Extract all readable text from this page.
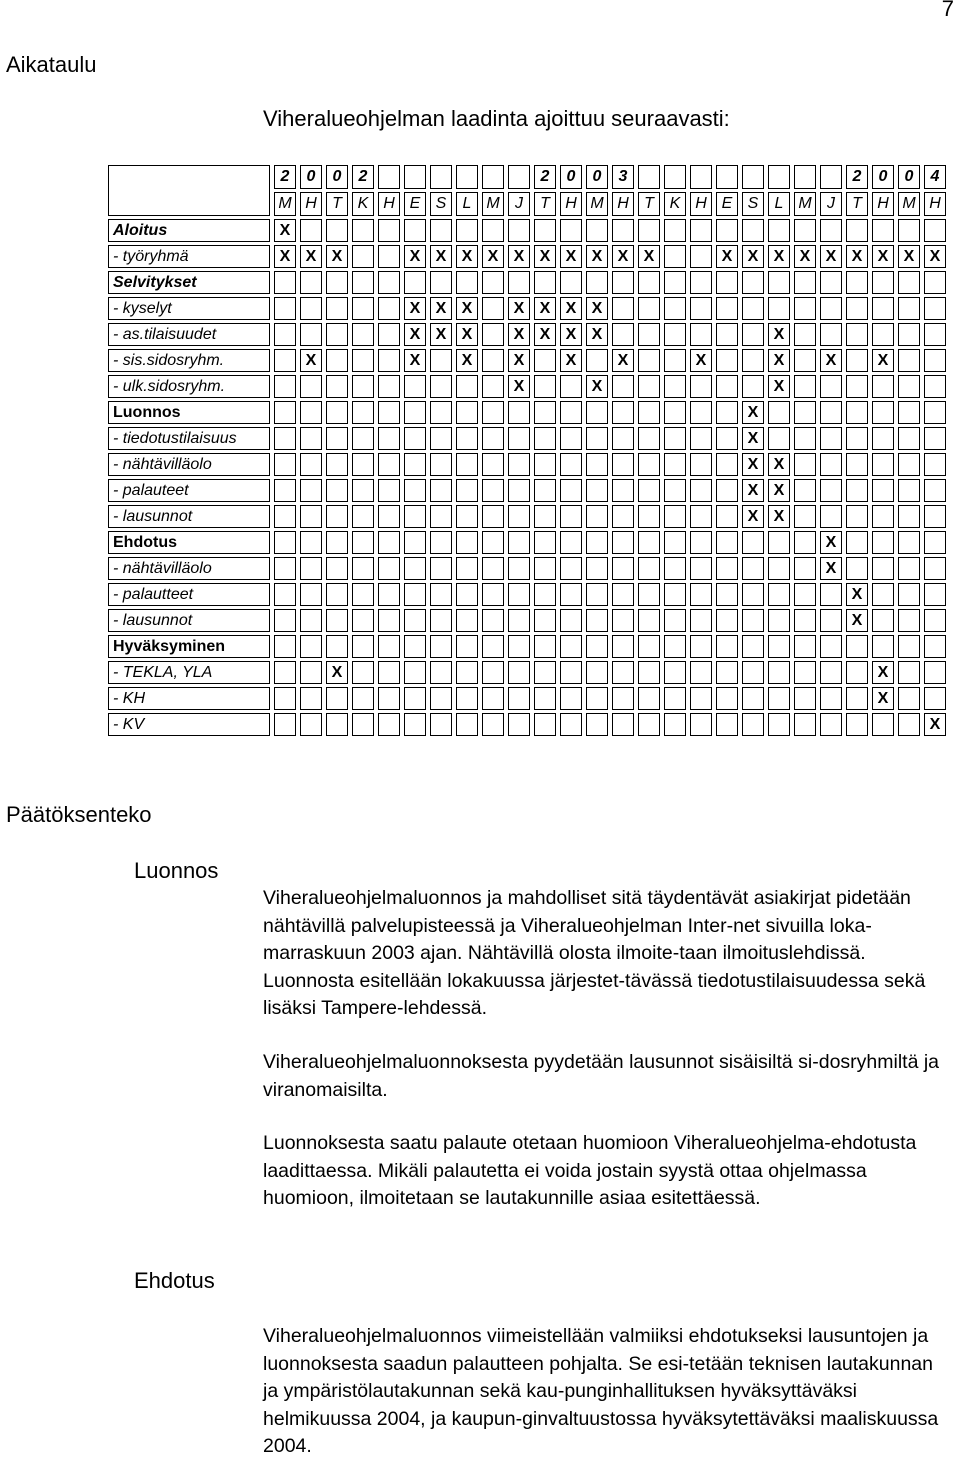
7
Aikataulu
Viheralueohjelman laadinta ajoittuu seuraavasti:
	2	0	0	2							2	0	0	3									2	0	0	4
	M	H	T	K	H	E	S	L	M	J	T	H	M	H	T	K	H	E	S	L	M	J	T	H	M	H
Aloitus	X																									
- työryhmä	X	X	X			X	X	X	X	X	X	X	X	X	X			X	X	X	X	X	X	X	X	X
Selvitykset																										
- kyselyt						X	X	X		X	X	X	X													
- as.tilaisuudet						X	X	X		X	X	X	X							X						
- sis.sidosryhm.		X				X		X		X		X		X			X			X		X		X		
- ulk.sidosryhm.										X			X							X						
Luonnos																			X							
- tiedotustilaisuus																			X							
- nähtävilläolo																			X	X						
- palauteet																			X	X						
- lausunnot																			X	X						
Ehdotus																						X				
- nähtävilläolo																						X				
- palautteet																							X			
- lausunnot																							X			
Hyväksyminen																										
- TEKLA, YLA			X																					X		
- KH																								X		
- KV																										X
Päätöksenteko
Luonnos
Ehdotus
Viheralueohjelmaluonnos ja mahdolliset sitä täydentävät asiakirjat pidetään nähtävillä palvelupisteessä ja Viheralueohjelman Inter-net sivuilla loka- marraskuun 2003 ajan. Nähtävillä olosta ilmoite-taan ilmoituslehdissä. Luonnosta esitellään lokakuussa järjestet-tävässä tiedotustilaisuudessa sekä lisäksi Tampere-lehdessä.
Viheralueohjelmaluonnoksesta pyydetään lausunnot sisäisiltä si-dosryhmiltä ja viranomaisilta.
Luonnoksesta saatu palaute otetaan huomioon Viheralueohjelma-ehdotusta laadittaessa. Mikäli palautetta ei voida jostain syystä ottaa ohjelmassa huomioon, ilmoitetaan se lautakunnille asiaa esitettäessä.
Viheralueohjelmaluonnos viimeistellään valmiiksi ehdotukseksi lausuntojen ja luonnoksesta saadun palautteen pohjalta. Se esi-tetään teknisen lautakunnan ja ympäristölautakunnan sekä kau-punginhallituksen hyväksyttäväksi helmikuussa 2004, ja kaupun-ginvaltuustossa hyväksytettäväksi maaliskuussa 2004.
